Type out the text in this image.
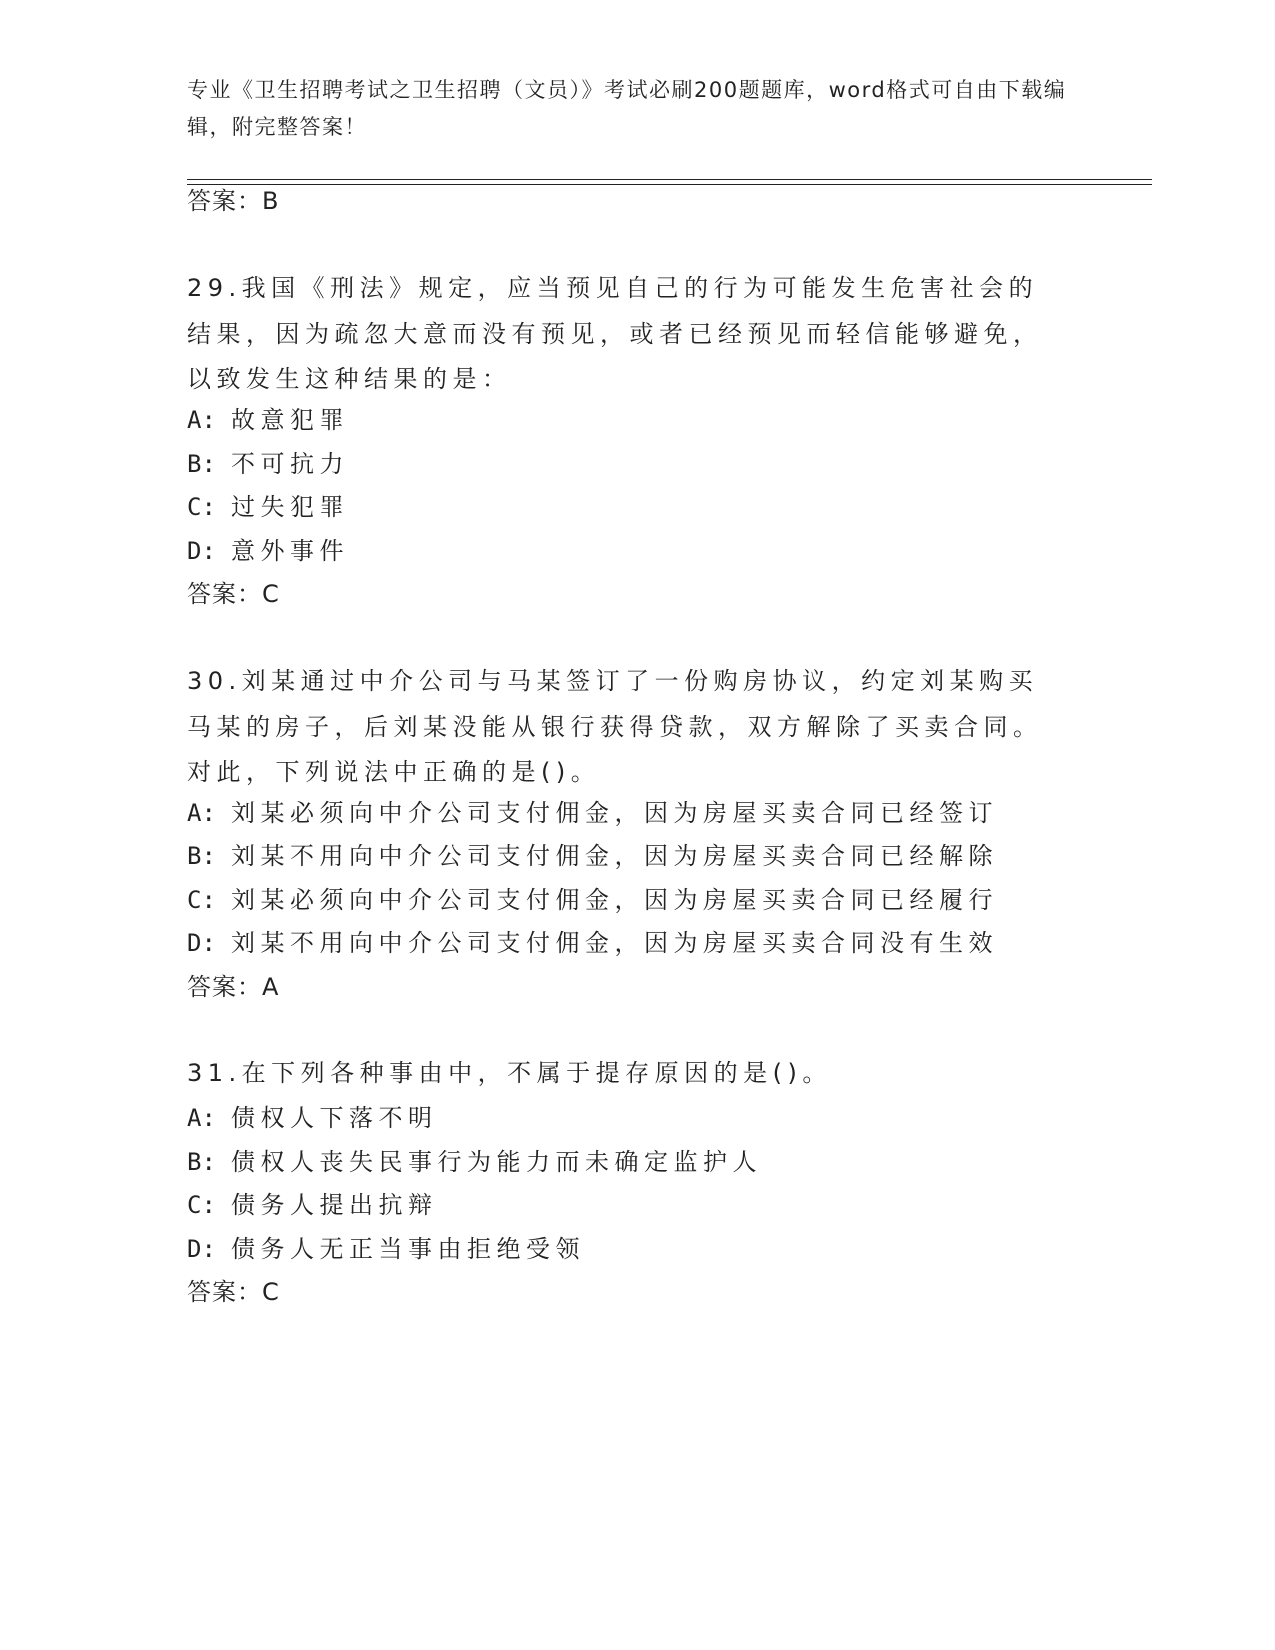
专业《卫生招聘考试之卫生招聘（文员）》考试必刷200题题库，word格式可自由下载编辑，附完整答案！
答案：B
29.我国《刑法》规定，应当预见自己的行为可能发生危害社会的结果，因为疏忽大意而没有预见，或者已经预见而轻信能够避免，以致发生这种结果的是：
A: 故意犯罪
B: 不可抗力
C: 过失犯罪
D: 意外事件
答案：C
30.刘某通过中介公司与马某签订了一份购房协议，约定刘某购买马某的房子，后刘某没能从银行获得贷款，双方解除了买卖合同。对此，下列说法中正确的是()。
A: 刘某必须向中介公司支付佣金，因为房屋买卖合同已经签订
B: 刘某不用向中介公司支付佣金，因为房屋买卖合同已经解除
C: 刘某必须向中介公司支付佣金，因为房屋买卖合同已经履行
D: 刘某不用向中介公司支付佣金，因为房屋买卖合同没有生效
答案：A
31.在下列各种事由中，不属于提存原因的是()。
A: 债权人下落不明
B: 债权人丧失民事行为能力而未确定监护人
C: 债务人提出抗辩
D: 债务人无正当事由拒绝受领
答案：C
